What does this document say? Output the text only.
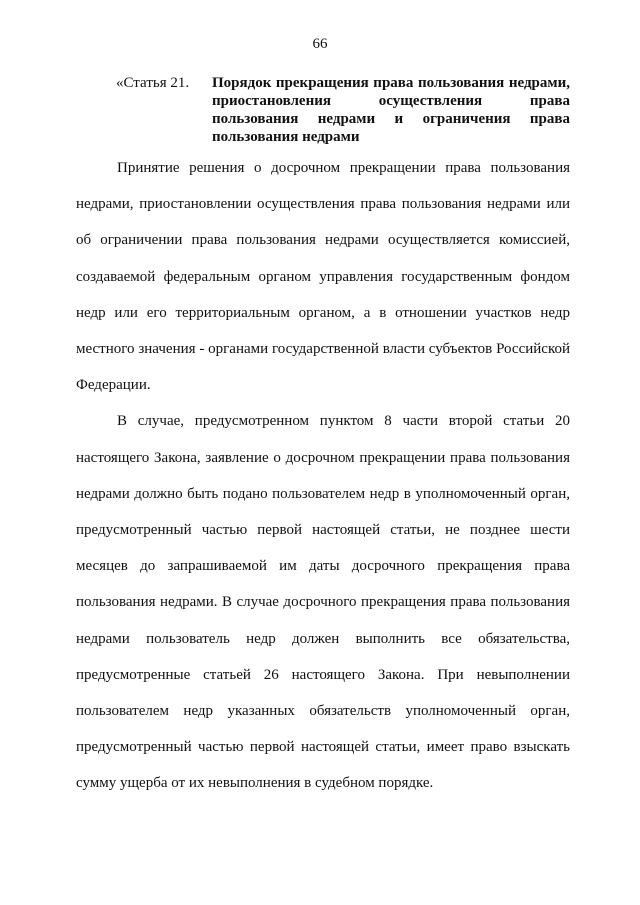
66
«Статья 21. Порядок прекращения права пользования недрами, приостановления осуществления права пользования недрами и ограничения права пользования недрами

Принятие решения о досрочном прекращении права пользования недрами, приостановлении осуществления права пользования недрами или об ограничении права пользования недрами осуществляется комиссией, создаваемой федеральным органом управления государственным фондом недр или его территориальным органом, а в отношении участков недр местного значения - органами государственной власти субъектов Российской Федерации.

В случае, предусмотренном пунктом 8 части второй статьи 20 настоящего Закона, заявление о досрочном прекращении права пользования недрами должно быть подано пользователем недр в уполномоченный орган, предусмотренный частью первой настоящей статьи, не позднее шести месяцев до запрашиваемой им даты досрочного прекращения права пользования недрами. В случае досрочного прекращения права пользования недрами пользователь недр должен выполнить все обязательства, предусмотренные статьей 26 настоящего Закона. При невыполнении пользователем недр указанных обязательств уполномоченный орган, предусмотренный частью первой настоящей статьи, имеет право взыскать сумму ущерба от их невыполнения в судебном порядке.
